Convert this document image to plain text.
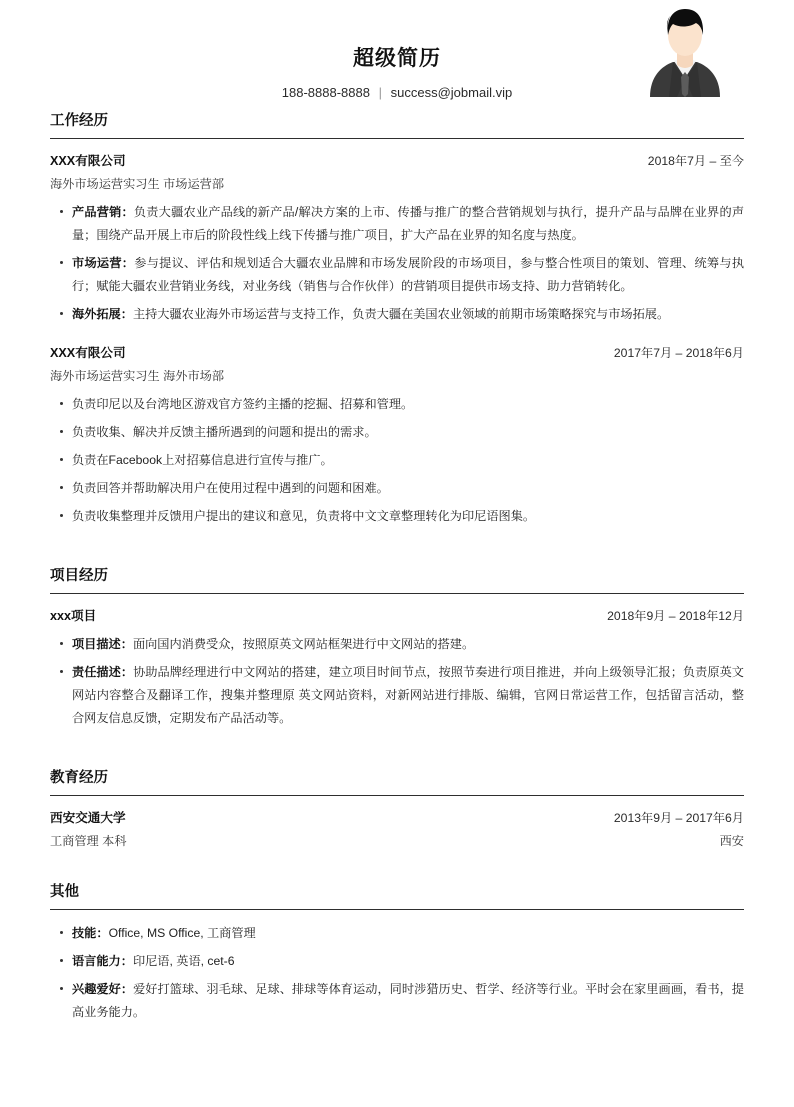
超级简历
188-8888-8888 | success@jobmail.vip
工作经历
XXX有限公司	2018年7月 – 至今
海外市场运营实习生 市场运营部
产品营销：负责大疆农业产品线的新产品/解决方案的上市、传播与推广的整合营销规划与执行，提升产品与品牌在业界的声量；围绕产品开展上市后的阶段性线上线下传播与推广项目，扩大产品在业界的知名度与热度。
市场运营：参与提议、评估和规划适合大疆农业品牌和市场发展阶段的市场项目，参与整合性项目的策划、管理、统筹与执行；赋能大疆农业营销业务线，对业务线（销售与合作伙伴）的营销项目提供市场支持、助力营销转化。
海外拓展：主持大疆农业海外市场运营与支持工作，负责大疆在美国农业领域的前期市场策略探究与市场拓展。
XXX有限公司	2017年7月 – 2018年6月
海外市场运营实习生 海外市场部
负责印尼以及台湾地区游戏官方签约主播的挖掘、招募和管理。
负责收集、解决并反馈主播所遇到的问题和提出的需求。
负责在Facebook上对招募信息进行宣传与推广。
负责回答并帮助解决用户在使用过程中遇到的问题和困难。
负责收集整理并反馈用户提出的建议和意见，负责将中文文章整理转化为印尼语图集。
项目经历
xxx项目	2018年9月 – 2018年12月
项目描述：面向国内消费受众，按照原英文网站框架进行中文网站的搭建。
责任描述：协助品牌经理进行中文网站的搭建，建立项目时间节点，按照节奏进行项目推进，并向上级领导汇报；负责原英文网站内容整合及翻译工作，搜集并整理原 英文网站资料，对新网站进行排版、编辑，官网日常运营工作，包括留言活动，整合网友信息反馈，定期发布产品活动等。
教育经历
西安交通大学	2013年9月 – 2017年6月
工商管理 本科	西安
其他
技能：Office, MS Office, 工商管理
语言能力：印尼语, 英语, cet-6
兴趣爱好：爱好打篮球、羽毛球、足球、排球等体育运动，同时涉猎历史、哲学、经济等行业。平时会在家里画画，看书，提高业务能力。
